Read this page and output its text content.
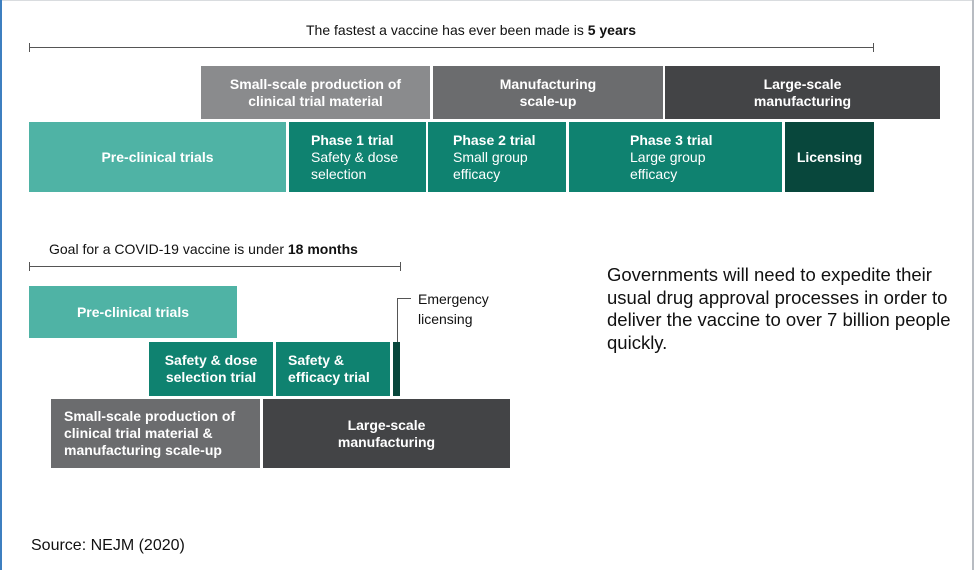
The fastest a vaccine has ever been made is 5 years
Small-scale production of clinical trial material
Manufacturing scale-up
Large-scale manufacturing
Pre-clinical trials
Phase 1 trial
Safety & dose selection
Phase 2 trial
Small group efficacy
Phase 3 trial
Large group efficacy
Licensing
Goal for a COVID-19 vaccine is under 18 months
Pre-clinical trials
Safety & dose selection trial
Safety & efficacy trial
Emergency licensing
Small-scale production of clinical trial material & manufacturing scale-up
Large-scale manufacturing
Governments will need to expedite their usual drug approval processes in order to deliver the vaccine to over 7 billion people quickly.
Source: NEJM (2020)
